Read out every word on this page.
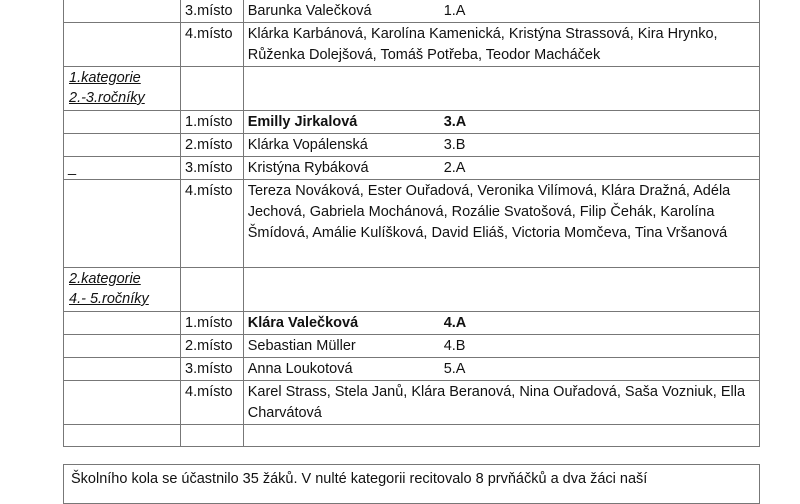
	3.místo	Barunka Valečková 1.A
	4.místo	Klárka Karbánová, Karolína Kamenická, Kristýna Strassová, Kira Hrynko, Růženka Dolejšová, Tomáš Potřeba, Teodor Macháček
1.kategorie
2.-3.ročníky		
	1.místo	Emilly Jirkalová 3.A
	2.místo	Klárka Vopálenská 3.B
_	3.místo	Kristýna Rybáková 2.A
	4.místo	Tereza Nováková, Ester Ouřadová, Veronika Vilímová, Klára Dražná, Adéla Jechová, Gabriela Mochánová, Rozálie Svatošová, Filip Čehák, Karolína Šmídová, Amálie Kulíšková, David Eliáš, Victoria Momčeva, Tina Vršanová
2.kategorie
4.- 5.ročníky		
	1.místo	Klára Valečková 4.A
	2.místo	Sebastian Müller 4.B
	3.místo	Anna Loukotová 5.A
	4.místo	Karel Strass, Stela Janů, Klára Beranová, Nina Ouřadová, Saša Vozniuk, Ella Charvátová

Školního kola se účastnilo 35 žáků. V nulté kategorii recitovalo 8 prvňáčků a dva žáci naší
